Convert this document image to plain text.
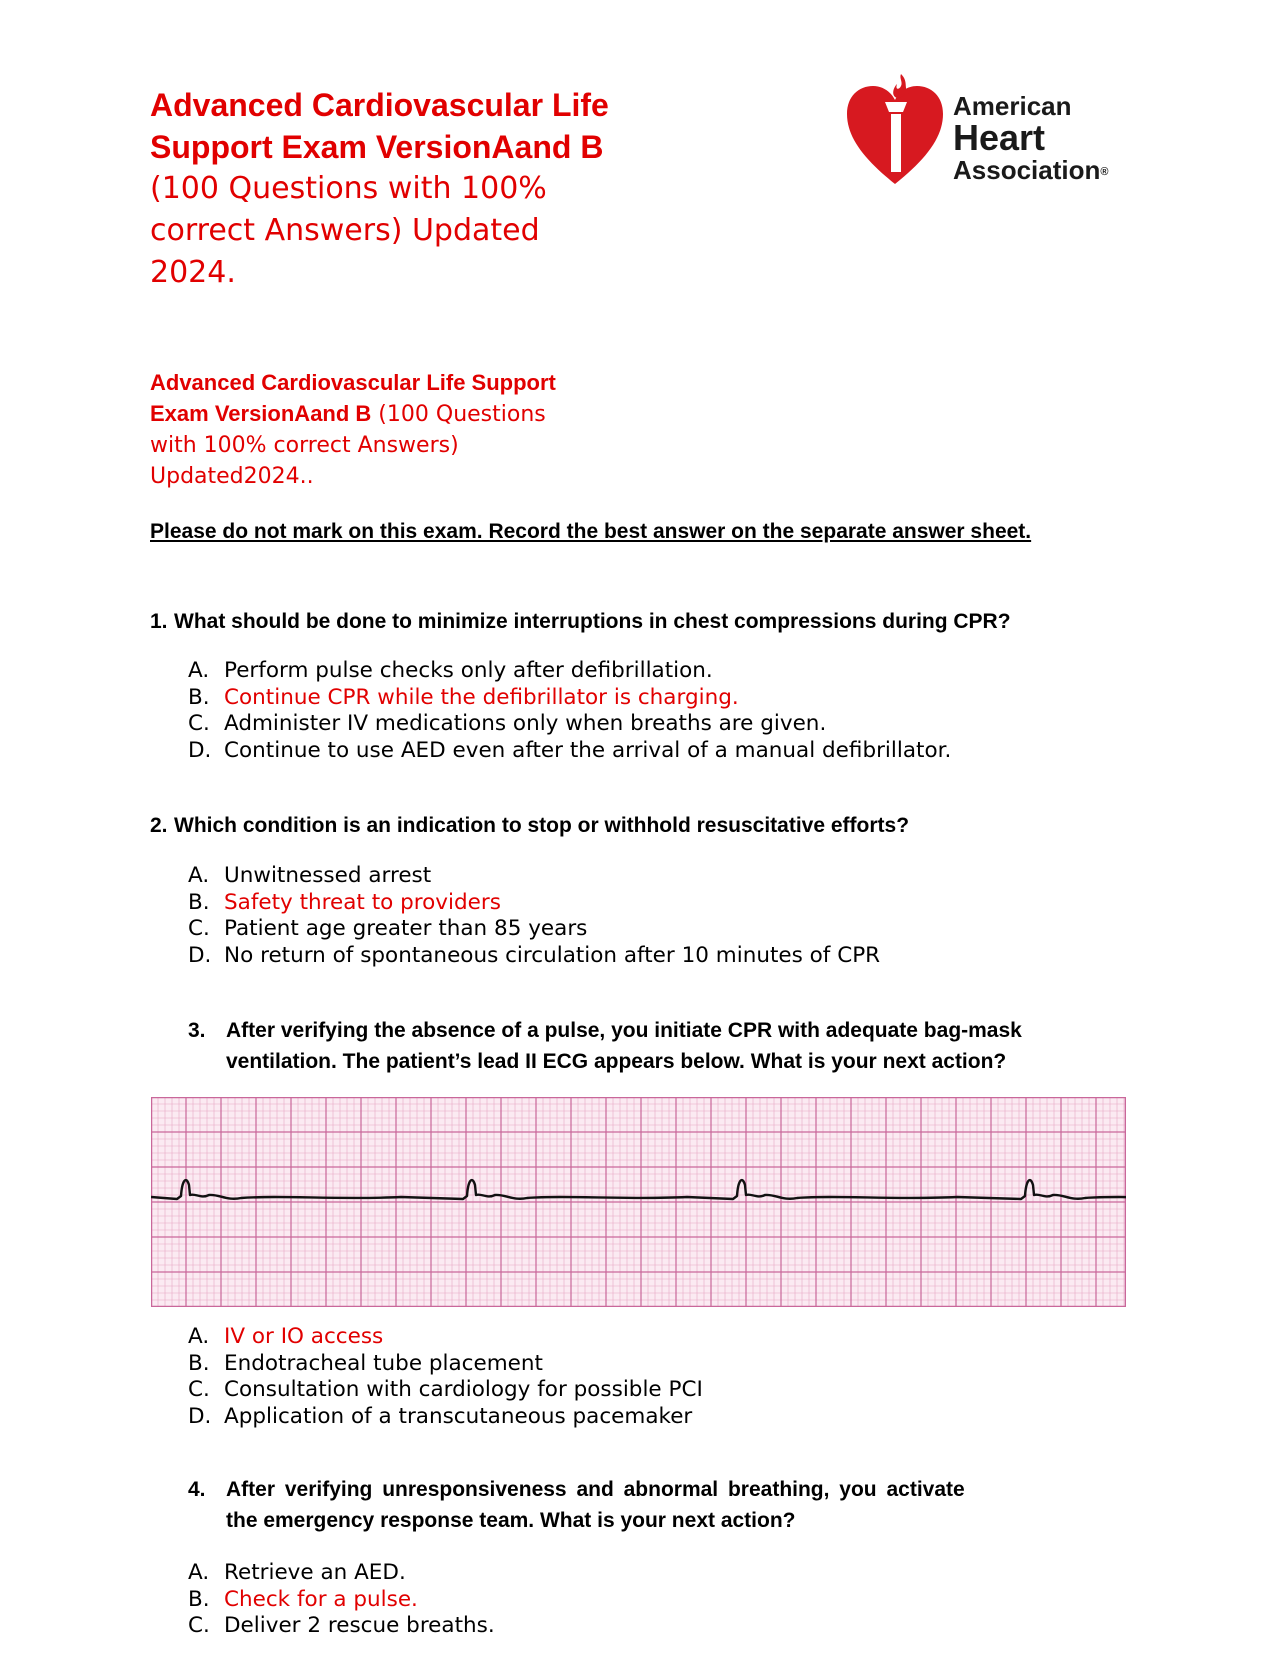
Advanced Cardiovascular Life
Support Exam VersionAand B
(100 Questions with 100%
correct Answers) Updated
2024.
American
Heart
Association®
Advanced Cardiovascular Life Support
Exam VersionAand B (100 Questions
with 100% correct Answers)
Updated2024..
Please do not mark on this exam. Record the best answer on the separate answer sheet.
1. What should be done to minimize interruptions in chest compressions during CPR?
A. Perform pulse checks only after defibrillation.
B. Continue CPR while the defibrillator is charging.
C. Administer IV medications only when breaths are given.
D. Continue to use AED even after the arrival of a manual defibrillator.
2. Which condition is an indication to stop or withhold resuscitative efforts?
A. Unwitnessed arrest
B. Safety threat to providers
C. Patient age greater than 85 years
D. No return of spontaneous circulation after 10 minutes of CPR
3. After verifying the absence of a pulse, you initiate CPR with adequate bag-mask
ventilation. The patient’s lead II ECG appears below. What is your next action?
A. IV or IO access
B. Endotracheal tube placement
C. Consultation with cardiology for possible PCI
D. Application of a transcutaneous pacemaker
4. After verifying unresponsiveness and abnormal breathing, you activate
the emergency response team. What is your next action?
A. Retrieve an AED.
B. Check for a pulse.
C. Deliver 2 rescue breaths.
